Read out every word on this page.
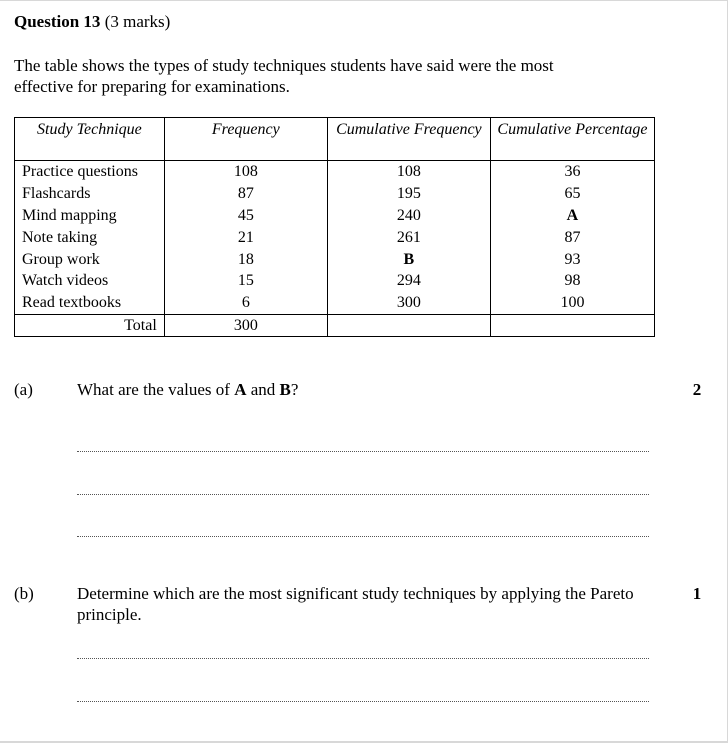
Question 13 (3 marks)
The table shows the types of study techniques students have said were the most effective for preparing for examinations.
Study Technique	Frequency	Cumulative Frequency	Cumulative Percentage
Practice questions	108	108	36
Flashcards	87	195	65
Mind mapping	45	240	A
Note taking	21	261	87
Group work	18	B	93
Watch videos	15	294	98
Read textbooks	6	300	100
Total	300		
(a)	What are the values of A and B?	2
(b)	Determine which are the most significant study techniques by applying the Pareto principle.
1
